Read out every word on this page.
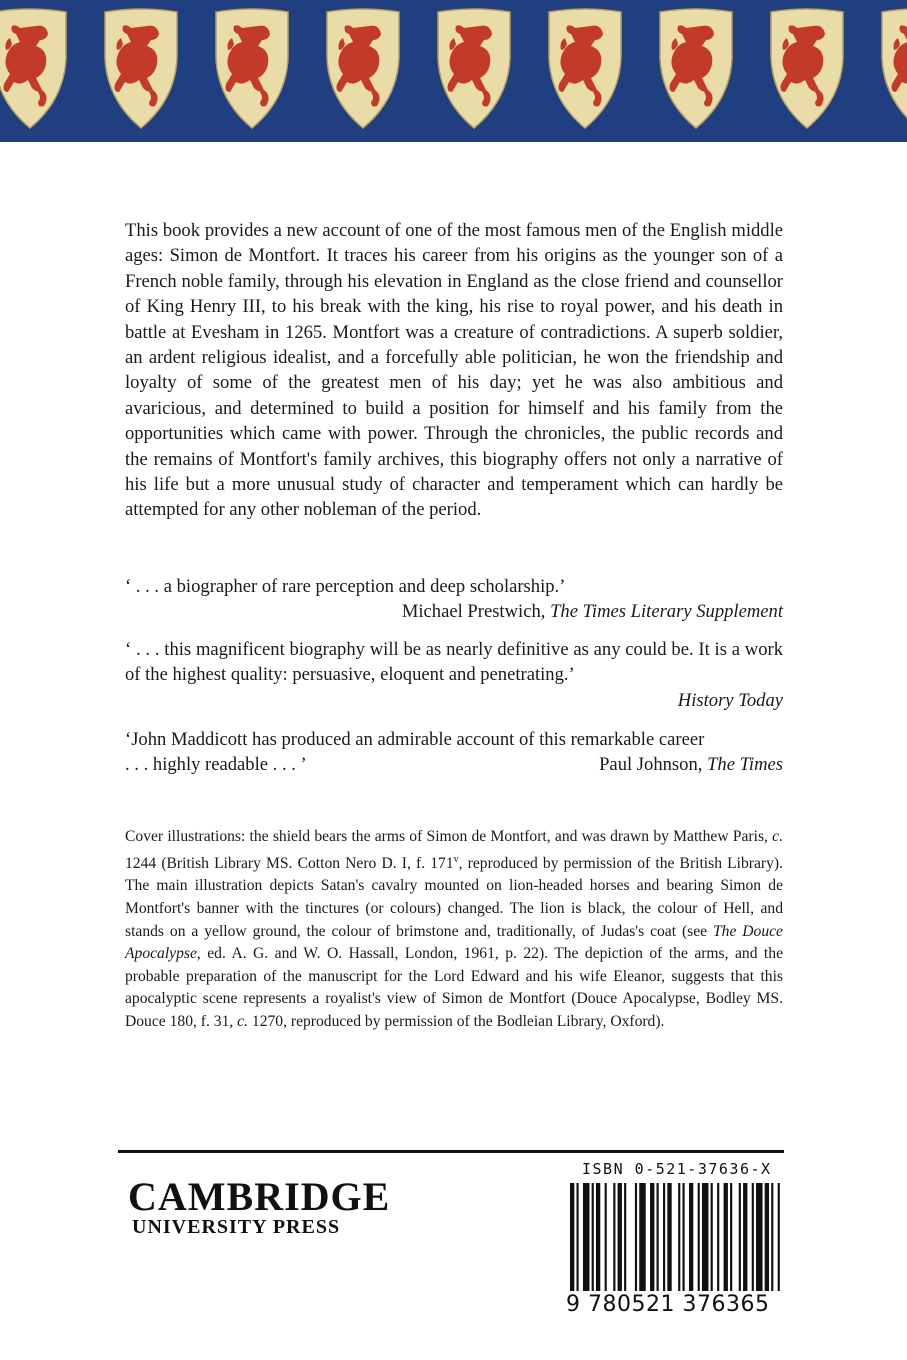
This book provides a new account of one of the most famous men of the English middle ages: Simon de Montfort. It traces his career from his origins as the younger son of a French noble family, through his elevation in England as the close friend and counsellor of King Henry III, to his break with the king, his rise to royal power, and his death in battle at Evesham in 1265. Montfort was a creature of contradictions. A superb soldier, an ardent religious idealist, and a forcefully able politician, he won the friendship and loyalty of some of the greatest men of his day; yet he was also ambitious and avaricious, and determined to build a position for himself and his family from the opportunities which came with power. Through the chronicles, the public records and the remains of Montfort's family archives, this biography offers not only a narrative of his life but a more unusual study of character and temperament which can hardly be attempted for any other nobleman of the period.

‘ . . . a biographer of rare perception and deep scholarship.’
Michael Prestwich, The Times Literary Supplement

‘ . . . this magnificent biography will be as nearly definitive as any could be. It is a work of the highest quality: persuasive, eloquent and penetrating.’
History Today

‘John Maddicott has produced an admirable account of this remarkable career
. . . highly readable . . . ’	Paul Johnson, The Times

Cover illustrations: the shield bears the arms of Simon de Montfort, and was drawn by Matthew Paris, c. 1244 (British Library MS. Cotton Nero D. I, f. 171$^v$, reproduced by permission of the British Library). The main illustration depicts Satan's cavalry mounted on lion-headed horses and bearing Simon de Montfort's banner with the tinctures (or colours) changed. The lion is black, the colour of Hell, and stands on a yellow ground, the colour of brimstone and, traditionally, of Judas's coat (see The Douce Apocalypse, ed. A. G. and W. O. Hassall, London, 1961, p. 22). The depiction of the arms, and the probable preparation of the manuscript for the Lord Edward and his wife Eleanor, suggests that this apocalyptic scene represents a royalist's view of Simon de Montfort (Douce Apocalypse, Bodley MS. Douce 180, f. 31, c. 1270, reproduced by permission of the Bodleian Library, Oxford).

CAMBRIDGE
UNIVERSITY PRESS
ISBN 0-521-37636-X
9 780521 376365
